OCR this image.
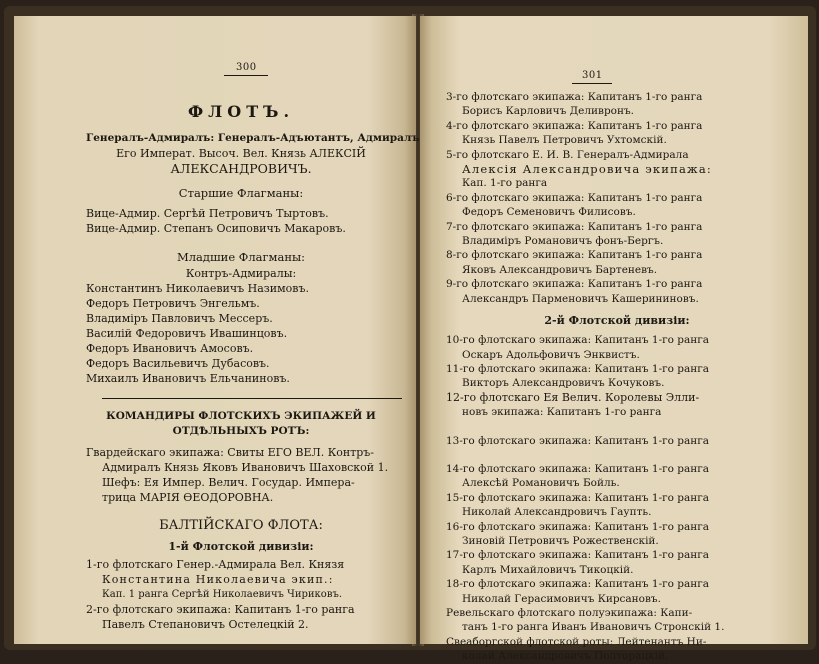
300

ФЛОТЪ.

Генералъ-Адмиралъ: Генералъ-Адъютантъ, Адмиралъ

Его Императ. Высоч. Вел. Князь АЛЕКСІЙ

АЛЕКСАНДРОВИЧЪ.

Старшие Флагманы:

Вице-Адмир. Сергѣй Петровичъ Тыртовъ.

Вице-Адмир. Степанъ Осиповичъ Макаровъ.

Младшие Флагманы:

Контръ-Адмиралы:

Константинъ Николаевичъ Назимовъ.

Федоръ Петровичъ Энгельмъ.

Владимiръ Павловичъ Мессеръ.

Василій Федоровичъ Ивашинцовъ.

Федоръ Ивановичъ Амосовъ.

Федоръ Васильевичъ Дубасовъ.

Михаилъ Ивановичъ Ельчаниновъ.

КОМАНДИРЫ ФЛОТСКИХЪ ЭКИПАЖЕЙ И

ОТДѢЛЬНЫХЪ РОТЪ:

Гвардейскаго экипажа: Свиты ЕГО ВЕЛ. Контръ-

Адмиралъ Князь Яковъ Ивановичъ Шаховской 1.

Шефъ: Ея Импер. Велич. Государ. Импера-

трица МАРIЯ ѲЕОДОРОВНА.

БАЛТIЙСКАГО ФЛОТА:

1-й Флотской дивизіи:

1-го флотскаго Генер.-Адмирала Вел. Князя

Константина Николаевича экип.:

Кап. 1 ранга Сергѣй Николаевичъ Чириковъ.

2-го флотскаго экипажа: Капитанъ 1-го ранга

Павелъ Степановичъ Остелецкій 2.

301

3-го флотскаго экипажа: Капитанъ 1-го ранга

Борисъ Карловичъ Деливронъ.

4-го флотскаго экипажа: Капитанъ 1-го ранга

Князь Павелъ Петровичъ Ухтомскій.

5-го флотскаго Е. И. В. Генералъ-Адмирала

Алексія Александровича экипажа:

Кап. 1-го ранга

6-го флотскаго экипажа: Капитанъ 1-го ранга

Федоръ Семеновичъ Филисовъ.

7-го флотскаго экипажа: Капитанъ 1-го ранга

Владимiръ Романовичъ фонъ-Бергъ.

8-го флотскаго экипажа: Капитанъ 1-го ранга

Яковъ Александровичъ Бартеневъ.

9-го флотскаго экипажа: Капитанъ 1-го ранга

Александръ Парменовичъ Кашерининовъ.

2-й Флотской дивизіи:

10-го флотскаго экипажа: Капитанъ 1-го ранга

Оскаръ Адольфовичъ Энквистъ.

11-го флотскаго экипажа: Капитанъ 1-го ранга

Викторъ Александровичъ Кочуковъ.

12-го флотскаго Ея Велич. Королевы Элли-

новъ экипажа: Капитанъ 1-го ранга

13-го флотскаго экипажа: Капитанъ 1-го ранга

14-го флотскаго экипажа: Капитанъ 1-го ранга

Алексѣй Романовичъ Бойль.

15-го флотскаго экипажа: Капитанъ 1-го ранга

Николай Александровичъ Гаупть.

16-го флотскаго экипажа: Капитанъ 1-го ранга

Зиновій Петровичъ Рожественскій.

17-го флотскаго экипажа: Капитанъ 1-го ранга

Карлъ Михайловичъ Тикоцкій.

18-го флотскаго экипажа: Капитанъ 1-го ранга

Николай Герасимовичъ Кирсановъ.

Ревельскаго флотскаго полуэкипажа: Капи-

танъ 1-го ранга Иванъ Ивановичъ Стронскій 1.

Свеаборгской флотской роты: Лейтенантъ Ни-

колай Александровичъ Полторацкій.
